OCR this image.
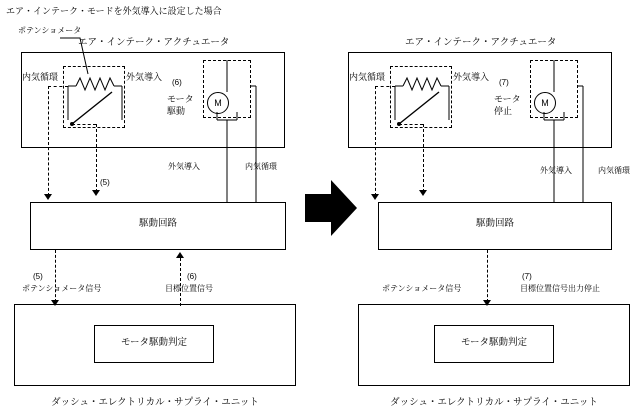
エア・インテーク・モードを外気導入に設定した場合
ポテンショメータ
エア・インテーク・アクチュエータ
内気循環	外気導入
(6)
モータ
駆動
M
(5)
外気導入	内気循環
駆動回路
(5)
ポテンショメータ信号
(6)
目標位置信号
モータ駆動判定
ダッシュ・エレクトリカル・サプライ・ユニット
エア・インテーク・アクチュエータ
内気循環	外気導入
(7)
モータ
停止
M
外気導入	内気循環
駆動回路
ポテンショメータ信号
(7)
目標位置信号出力停止
モータ駆動判定
ダッシュ・エレクトリカル・サプライ・ユニット
